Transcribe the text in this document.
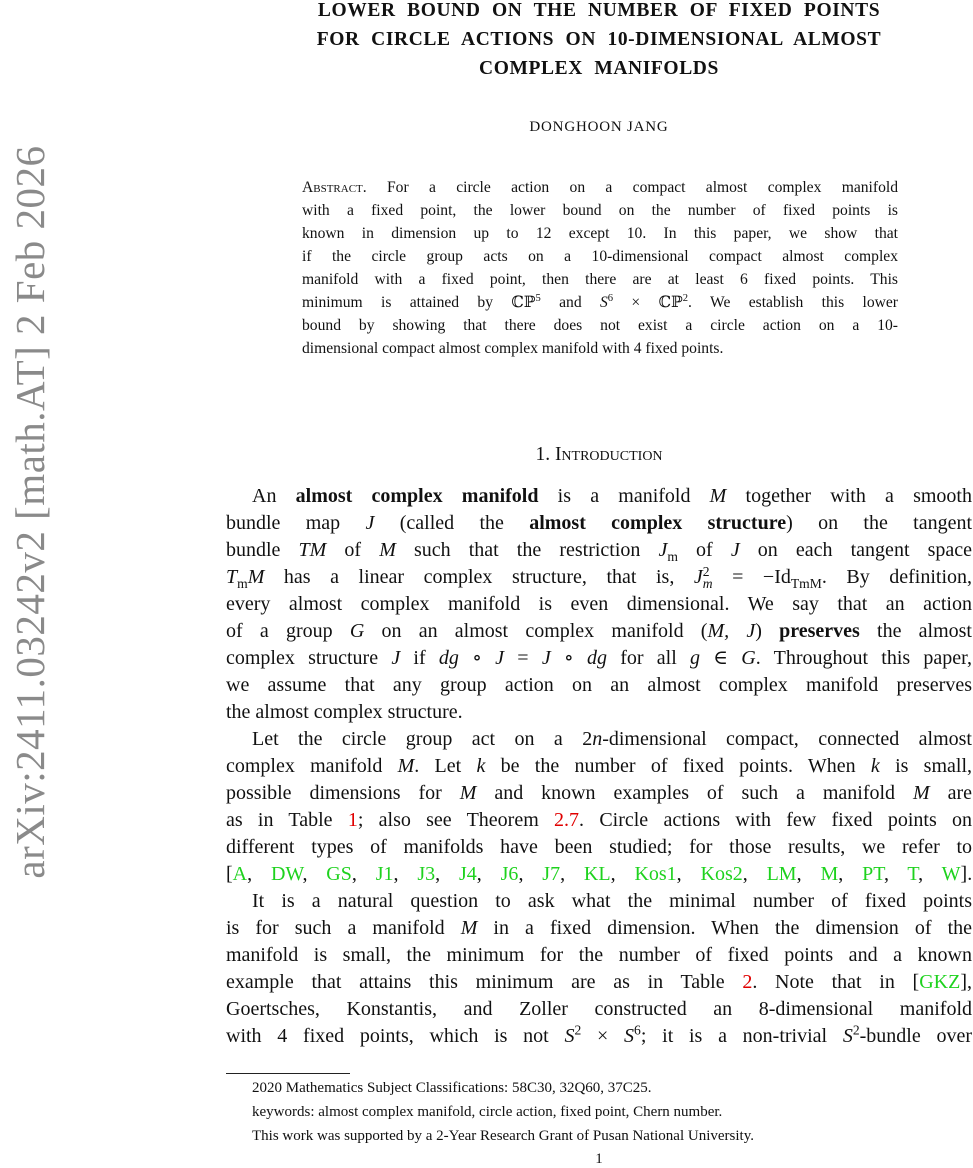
arXiv:2411.03242v2 [math.AT] 2 Feb 2026
LOWER BOUND ON THE NUMBER OF FIXED POINTS
FOR CIRCLE ACTIONS ON 10-DIMENSIONAL ALMOST
COMPLEX MANIFOLDS
DONGHOON JANG
Abstract. For a circle action on a compact almost complex manifold
with a fixed point, the lower bound on the number of fixed points is
known in dimension up to 12 except 10. In this paper, we show that
if the circle group acts on a 10-dimensional compact almost complex
manifold with a fixed point, then there are at least 6 fixed points. This
minimum is attained by ℂℙ$^5$ and $S^6$ × ℂℙ$^2$. We establish this lower
bound by showing that there does not exist a circle action on a 10-
dimensional compact almost complex manifold with 4 fixed points.
1. Introduction
An almost complex manifold is a manifold M together with a smooth
bundle map J (called the almost complex structure) on the tangent
bundle TM of M such that the restriction $J_m$ of J on each tangent space
$T_mM$ has a linear complex structure, that is, J 2
$m = -Id_{TmM}$. By definition,
every almost complex manifold is even dimensional. We say that an action
of a group G on an almost complex manifold (M, J) preserves the almost
complex structure J if dg ∘ J = J ∘ dg for all g ∈ G. Throughout this paper,
we assume that any group action on an almost complex manifold preserves
the almost complex structure.
Let the circle group act on a 2n-dimensional compact, connected almost
complex manifold M. Let k be the number of fixed points. When k is small,
possible dimensions for M and known examples of such a manifold M are
as in Table 1; also see Theorem 2.7. Circle actions with few fixed points on
different types of manifolds have been studied; for those results, we refer to
[A, DW, GS, J1, J3, J4, J6, J7, KL, Kos1, Kos2, LM, M, PT, T, W].
It is a natural question to ask what the minimal number of fixed points
is for such a manifold M in a fixed dimension. When the dimension of the
manifold is small, the minimum for the number of fixed points and a known
example that attains this minimum are as in Table 2. Note that in [GKZ],
Goertsches, Konstantis, and Zoller constructed an 8-dimensional manifold
with 4 fixed points, which is not $S^2 \times S^6$; it is a non-trivial $S^2$-bundle over
2020 Mathematics Subject Classifications: 58C30, 32Q60, 37C25.
keywords: almost complex manifold, circle action, fixed point, Chern number.
This work was supported by a 2-Year Research Grant of Pusan National University.
1
